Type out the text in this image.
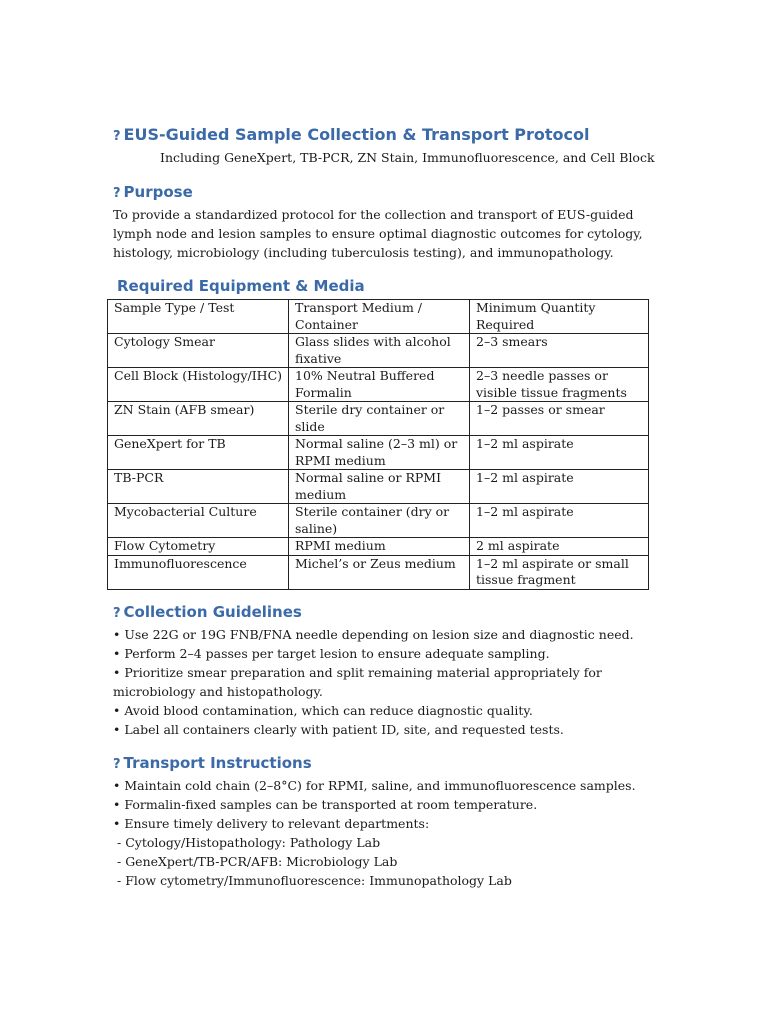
? EUS-Guided Sample Collection & Transport Protocol
Including GeneXpert, TB-PCR, ZN Stain, Immunofluorescence, and Cell Block
? Purpose

To provide a standardized protocol for the collection and transport of EUS-guided lymph node and lesion samples to ensure optimal diagnostic outcomes for cytology, histology, microbiology (including tuberculosis testing), and immunopathology.

Required Equipment & Media
Sample Type / Test	Transport Medium / Container	Minimum Quantity Required
Cytology Smear	Glass slides with alcohol fixative	2–3 smears
Cell Block (Histology/IHC)	10% Neutral Buffered Formalin	2–3 needle passes or visible tissue fragments
ZN Stain (AFB smear)	Sterile dry container or slide	1–2 passes or smear
GeneXpert for TB	Normal saline (2–3 ml) or RPMI medium	1–2 ml aspirate
TB-PCR	Normal saline or RPMI medium	1–2 ml aspirate
Mycobacterial Culture	Sterile container (dry or saline)	1–2 ml aspirate
Flow Cytometry	RPMI medium	2 ml aspirate
Immunofluorescence	Michel’s or Zeus medium	1–2 ml aspirate or small tissue fragment
? Collection Guidelines
• Use 22G or 19G FNB/FNA needle depending on lesion size and diagnostic need.
• Perform 2–4 passes per target lesion to ensure adequate sampling.
• Prioritize smear preparation and split remaining material appropriately for microbiology and histopathology.
• Avoid blood contamination, which can reduce diagnostic quality.
• Label all containers clearly with patient ID, site, and requested tests.
? Transport Instructions
• Maintain cold chain (2–8°C) for RPMI, saline, and immunofluorescence samples.
• Formalin-fixed samples can be transported at room temperature.
• Ensure timely delivery to relevant departments:
- Cytology/Histopathology: Pathology Lab
- GeneXpert/TB-PCR/AFB: Microbiology Lab
- Flow cytometry/Immunofluorescence: Immunopathology Lab
